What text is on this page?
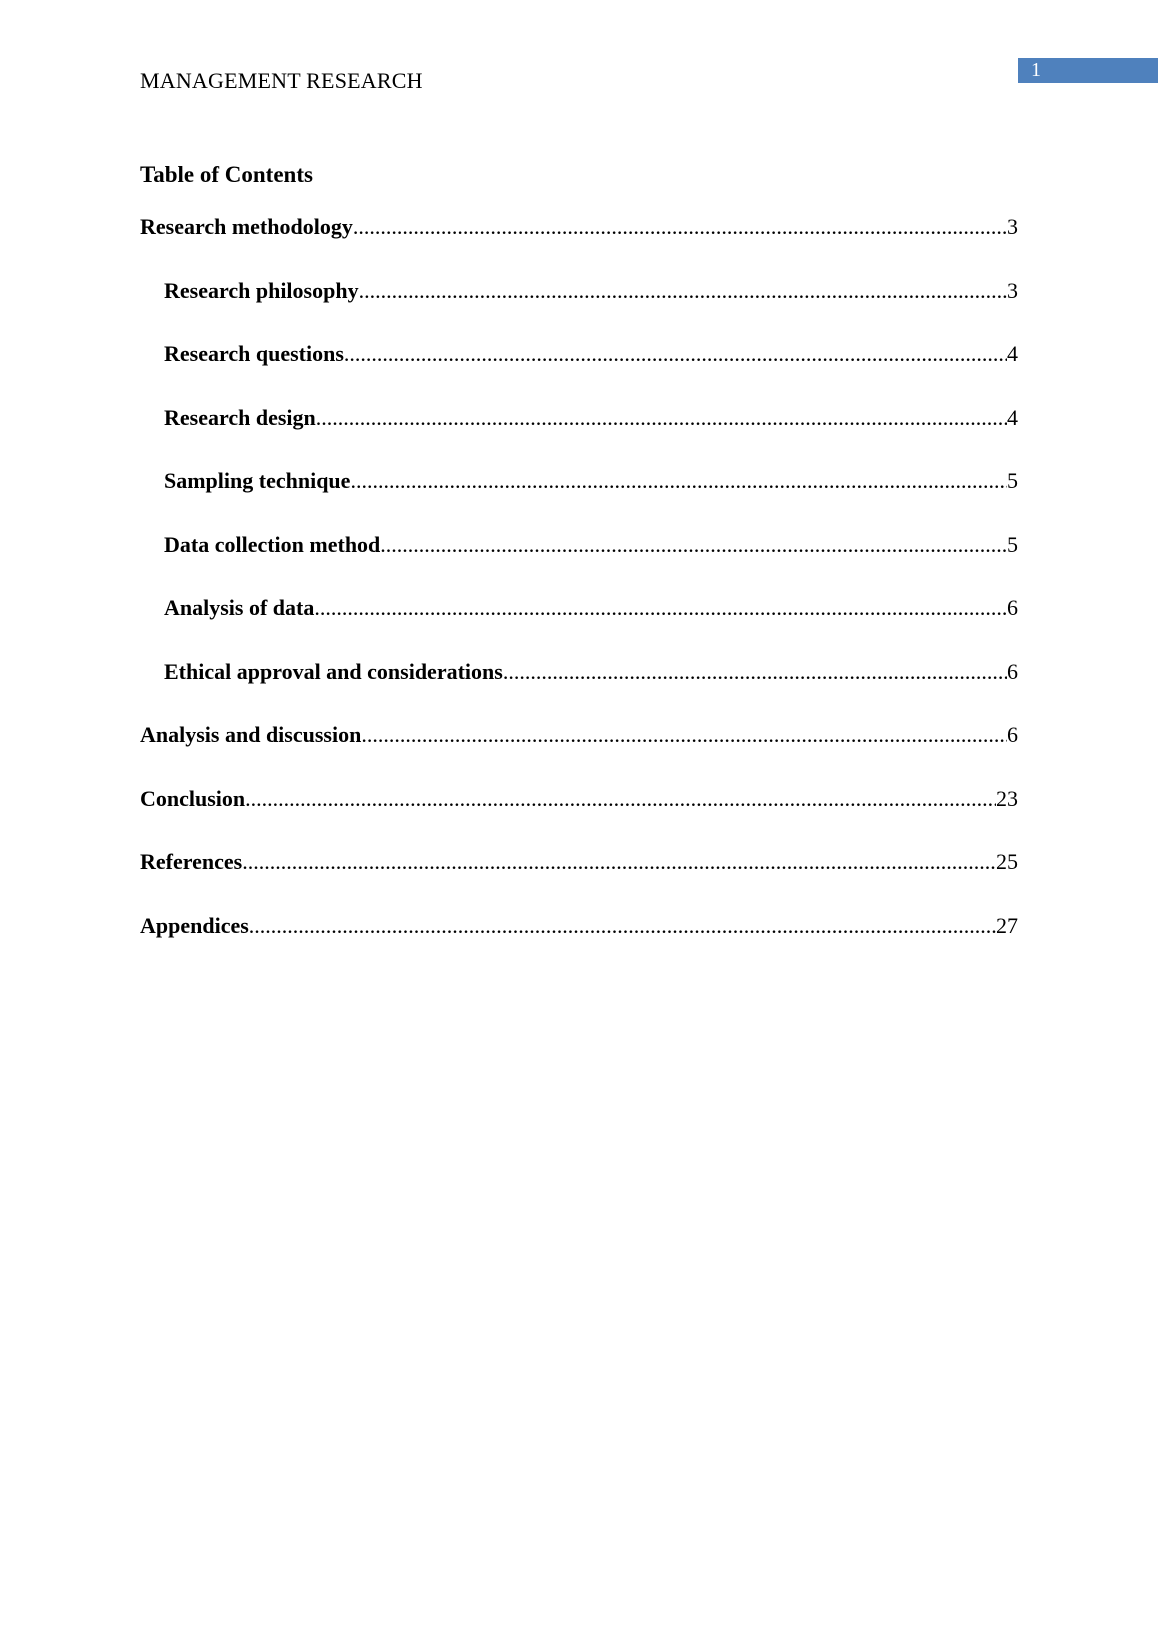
1
MANAGEMENT RESEARCH
Table of Contents
Research methodology .....	3
Research philosophy .....	3
Research questions .....	4
Research design .....	4
Sampling technique .....	5
Data collection method .....	5
Analysis of data .....	6
Ethical approval and considerations .....	6
Analysis and discussion .....	6
Conclusion .....	23
References .....	25
Appendices .....	27
